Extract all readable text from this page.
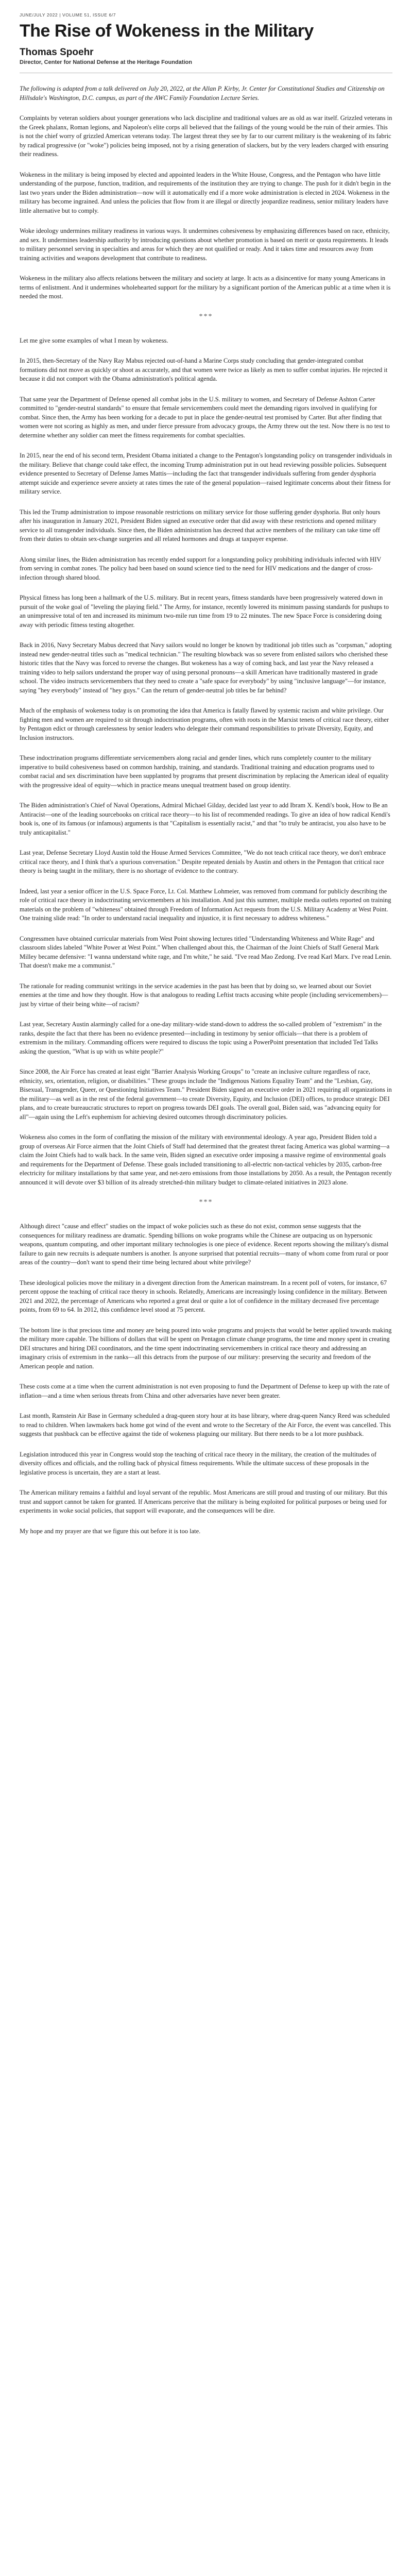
JUNE/JULY 2022 | VOLUME 51, ISSUE 6/7
The Rise of Wokeness in the Military
Thomas Spoehr
Director, Center for National Defense at the Heritage Foundation

The following is adapted from a talk delivered on July 20, 2022, at the Allan P. Kirby, Jr. Center for Constitutional Studies and Citizenship on Hillsdale's Washington, D.C. campus, as part of the AWC Family Foundation Lecture Series.

Complaints by veteran soldiers about younger generations who lack discipline and traditional values are as old as war itself. Grizzled veterans in the Greek phalanx, Roman legions, and Napoleon's elite corps all believed that the failings of the young would be the ruin of their armies. This is not the chief worry of grizzled American veterans today. The largest threat they see by far to our current military is the weakening of its fabric by radical progressive (or "woke") policies being imposed, not by a rising generation of slackers, but by the very leaders charged with ensuring their readiness.

Wokeness in the military is being imposed by elected and appointed leaders in the White House, Congress, and the Pentagon who have little understanding of the purpose, function, tradition, and requirements of the institution they are trying to change. The push for it didn't begin in the last two years under the Biden administration—now will it automatically end if a more woke administration is elected in 2024. Wokeness in the military has become ingrained. And unless the policies that flow from it are illegal or directly jeopardize readiness, senior military leaders have little alternative but to comply.

Woke ideology undermines military readiness in various ways. It undermines cohesiveness by emphasizing differences based on race, ethnicity, and sex. It undermines leadership authority by introducing questions about whether promotion is based on merit or quota requirements. It leads to military personnel serving in specialties and areas for which they are not qualified or ready. And it takes time and resources away from training activities and weapons development that contribute to readiness.

Wokeness in the military also affects relations between the military and society at large. It acts as a disincentive for many young Americans in terms of enlistment. And it undermines wholehearted support for the military by a significant portion of the American public at a time when it is needed the most.

***

Let me give some examples of what I mean by wokeness.

In 2015, then-Secretary of the Navy Ray Mabus rejected out-of-hand a Marine Corps study concluding that gender-integrated combat formations did not move as quickly or shoot as accurately, and that women were twice as likely as men to suffer combat injuries. He rejected it because it did not comport with the Obama administration's political agenda.

That same year the Department of Defense opened all combat jobs in the U.S. military to women, and Secretary of Defense Ashton Carter committed to "gender-neutral standards" to ensure that female servicemembers could meet the demanding rigors involved in qualifying for combat. Since then, the Army has been working for a decade to put in place the gender-neutral test promised by Carter. But after finding that women were not scoring as highly as men, and under fierce pressure from advocacy groups, the Army threw out the test. Now there is no test to determine whether any soldier can meet the fitness requirements for combat specialties.

In 2015, near the end of his second term, President Obama initiated a change to the Pentagon's longstanding policy on transgender individuals in the military. Believe that change could take effect, the incoming Trump administration put in out head reviewing possible policies. Subsequent evidence presented to Secretary of Defense James Mattis—including the fact that transgender individuals suffering from gender dysphoria attempt suicide and experience severe anxiety at rates times the rate of the general population—raised legitimate concerns about their fitness for military service.

This led the Trump administration to impose reasonable restrictions on military service for those suffering gender dysphoria. But only hours after his inauguration in January 2021, President Biden signed an executive order that did away with these restrictions and opened military service to all transgender individuals. Since then, the Biden administration has decreed that active members of the military can take time off from their duties to obtain sex-change surgeries and all related hormones and drugs at taxpayer expense.

Along similar lines, the Biden administration has recently ended support for a longstanding policy prohibiting individuals infected with HIV from serving in combat zones. The policy had been based on sound science tied to the need for HIV medications and the danger of cross-infection through shared blood.

Physical fitness has long been a hallmark of the U.S. military. But in recent years, fitness standards have been progressively watered down in pursuit of the woke goal of "leveling the playing field." The Army, for instance, recently lowered its minimum passing standards for pushups to an unimpressive total of ten and increased its minimum two-mile run time from 19 to 22 minutes. The new Space Force is considering doing away with periodic fitness testing altogether.

Back in 2016, Navy Secretary Mabus decreed that Navy sailors would no longer be known by traditional job titles such as "corpsman," adopting instead new gender-neutral titles such as "medical technician." The resulting blowback was so severe from enlisted sailors who cherished these historic titles that the Navy was forced to reverse the changes. But wokeness has a way of coming back, and last year the Navy released a training video to help sailors understand the proper way of using personal pronouns—a skill American have traditionally mastered in grade school. The video instructs servicemembers that they need to create a "safe space for everybody" by using "inclusive language"—for instance, saying "hey everybody" instead of "hey guys." Can the return of gender-neutral job titles be far behind?

Much of the emphasis of wokeness today is on promoting the idea that America is fatally flawed by systemic racism and white privilege. Our fighting men and women are required to sit through indoctrination programs, often with roots in the Marxist tenets of critical race theory, either by Pentagon edict or through carelessness by senior leaders who delegate their command responsibilities to private Diversity, Equity, and Inclusion instructors.

These indoctrination programs differentiate servicemembers along racial and gender lines, which runs completely counter to the military imperative to build cohesiveness based on common hardship, training, and standards. Traditional training and education programs used to combat racial and sex discrimination have been supplanted by programs that present discrimination by replacing the American ideal of equality with the progressive ideal of equity—which in practice means unequal treatment based on group identity.

The Biden administration's Chief of Naval Operations, Admiral Michael Gilday, decided last year to add Ibram X. Kendi's book, How to Be an Antiracist—one of the leading sourcebooks on critical race theory—to his list of recommended readings. To give an idea of how radical Kendi's book is, one of its famous (or infamous) arguments is that "Capitalism is essentially racist," and that "to truly be antiracist, you also have to be truly anticapitalist."

Last year, Defense Secretary Lloyd Austin told the House Armed Services Committee, "We do not teach critical race theory, we don't embrace critical race theory, and I think that's a spurious conversation." Despite repeated denials by Austin and others in the Pentagon that critical race theory is being taught in the military, there is no shortage of evidence to the contrary.

Indeed, last year a senior officer in the U.S. Space Force, Lt. Col. Matthew Lohmeier, was removed from command for publicly describing the role of critical race theory in indoctrinating servicemembers at his installation. And just this summer, multiple media outlets reported on training materials on the problem of "whiteness" obtained through Freedom of Information Act requests from the U.S. Military Academy at West Point. One training slide read: "In order to understand racial inequality and injustice, it is first necessary to address whiteness."

Congressmen have obtained curricular materials from West Point showing lectures titled "Understanding Whiteness and White Rage" and classroom slides labeled "White Power at West Point." When challenged about this, the Chairman of the Joint Chiefs of Staff General Mark Milley became defensive: "I wanna understand white rage, and I'm white," he said. "I've read Mao Zedong. I've read Karl Marx. I've read Lenin. That doesn't make me a communist."

The rationale for reading communist writings in the service academies in the past has been that by doing so, we learned about our Soviet enemies at the time and how they thought. How is that analogous to reading Leftist tracts accusing white people (including servicemembers)—just by virtue of their being white—of racism?

Last year, Secretary Austin alarmingly called for a one-day military-wide stand-down to address the so-called problem of "extremism" in the ranks, despite the fact that there has been no evidence presented—including in testimony by senior officials—that there is a problem of extremism in the military. Commanding officers were required to discuss the topic using a PowerPoint presentation that included Ted Talks asking the question, "What is up with us white people?"

Since 2008, the Air Force has created at least eight "Barrier Analysis Working Groups" to "create an inclusive culture regardless of race, ethnicity, sex, orientation, religion, or disabilities." These groups include the "Indigenous Nations Equality Team" and the "Lesbian, Gay, Bisexual, Transgender, Queer, or Questioning Initiatives Team." President Biden signed an executive order in 2021 requiring all organizations in the military—as well as in the rest of the federal government—to create Diversity, Equity, and Inclusion (DEI) offices, to produce strategic DEI plans, and to create bureaucratic structures to report on progress towards DEI goals. The overall goal, Biden said, was "advancing equity for all"—again using the Left's euphemism for achieving desired outcomes through discriminatory policies.

Wokeness also comes in the form of conflating the mission of the military with environmental ideology. A year ago, President Biden told a group of overseas Air Force airmen that the Joint Chiefs of Staff had determined that the greatest threat facing America was global warming—a claim the Joint Chiefs had to walk back. In the same vein, Biden signed an executive order imposing a massive regime of environmental goals and requirements for the Department of Defense. These goals included transitioning to all-electric non-tactical vehicles by 2035, carbon-free electricity for military installations by that same year, and net-zero emissions from those installations by 2050. As a result, the Pentagon recently announced it will devote over $3 billion of its already stretched-thin military budget to climate-related initiatives in 2023 alone.

***

Although direct "cause and effect" studies on the impact of woke policies such as these do not exist, common sense suggests that the consequences for military readiness are dramatic. Spending billions on woke programs while the Chinese are outpacing us on hypersonic weapons, quantum computing, and other important military technologies is one piece of evidence. Recent reports showing the military's dismal failure to gain new recruits is adequate numbers is another. Is anyone surprised that potential recruits—many of whom come from rural or poor areas of the country—don't want to spend their time being lectured about white privilege?

These ideological policies move the military in a divergent direction from the American mainstream. In a recent poll of voters, for instance, 67 percent oppose the teaching of critical race theory in schools. Relatedly, Americans are increasingly losing confidence in the military. Between 2021 and 2022, the percentage of Americans who reported a great deal or quite a lot of confidence in the military decreased five percentage points, from 69 to 64. In 2012, this confidence level stood at 75 percent.

The bottom line is that precious time and money are being poured into woke programs and projects that would be better applied towards making the military more capable. The billions of dollars that will be spent on Pentagon climate change programs, the time and money spent in creating DEI structures and hiring DEI coordinators, and the time spent indoctrinating servicemembers in critical race theory and addressing an imaginary crisis of extremism in the ranks—all this detracts from the purpose of our military: preserving the security and freedom of the American people and nation.

These costs come at a time when the current administration is not even proposing to fund the Department of Defense to keep up with the rate of inflation—and a time when serious threats from China and other adversaries have never been greater.

Last month, Ramstein Air Base in Germany scheduled a drag-queen story hour at its base library, where drag-queen Nancy Reed was scheduled to read to children. When lawmakers back home got wind of the event and wrote to the Secretary of the Air Force, the event was cancelled. This suggests that pushback can be effective against the tide of wokeness plaguing our military. But there needs to be a lot more pushback.

Legislation introduced this year in Congress would stop the teaching of critical race theory in the military, the creation of the multitudes of diversity offices and officials, and the rolling back of physical fitness requirements. While the ultimate success of these proposals in the legislative process is uncertain, they are a start at least.

The American military remains a faithful and loyal servant of the republic. Most Americans are still proud and trusting of our military. But this trust and support cannot be taken for granted. If Americans perceive that the military is being exploited for political purposes or being used for experiments in woke social policies, that support will evaporate, and the consequences will be dire.

My hope and my prayer are that we figure this out before it is too late.
